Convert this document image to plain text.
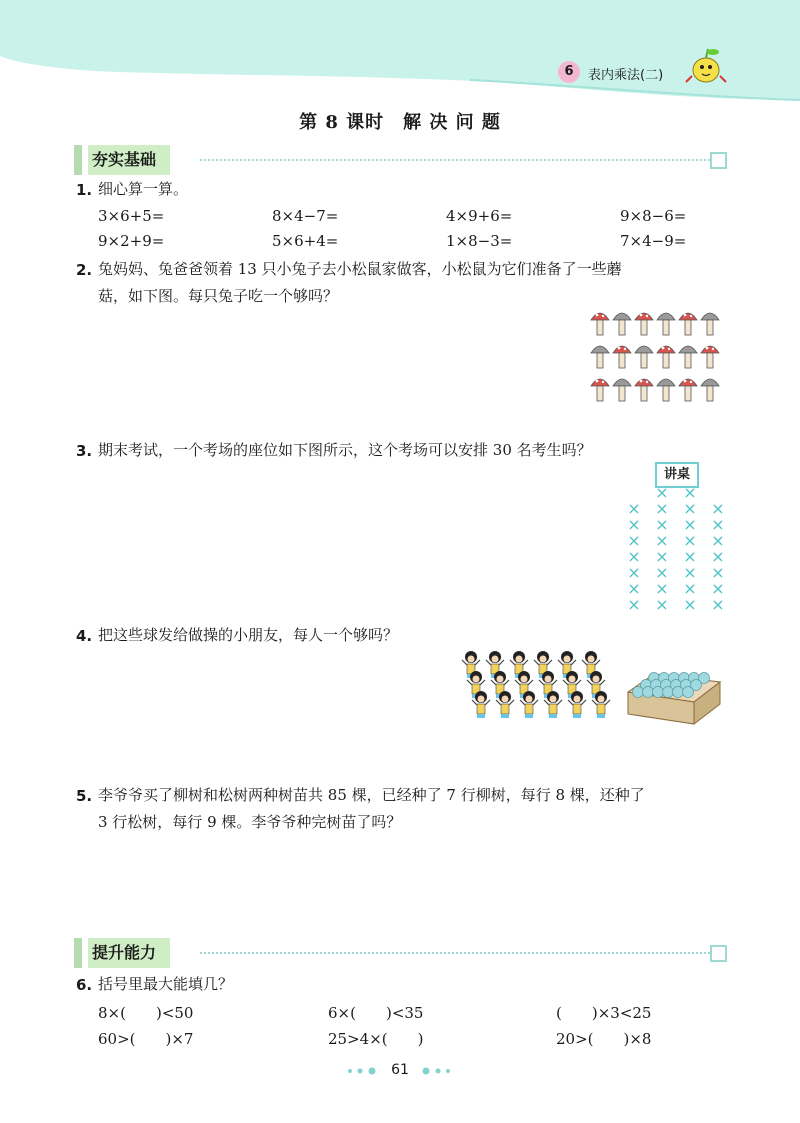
6	表内乘法(二)
第 8 课时　解 决 问 题
夯实基础
1. 细心算一算。
3×6+5=	8×4−7=	4×9+6=	9×8−6=
9×2+9=	5×6+4=	1×8−3=	7×4−9=
2. 兔妈妈、兔爸爸领着 13 只小兔子去小松鼠家做客，小松鼠为它们准备了一些蘑
菇，如下图。每只兔子吃一个够吗？
3. 期末考试，一个考场的座位如下图所示，这个考场可以安排 30 名考生吗？
讲桌
× ×
× × × ×
× × × ×
× × × ×
× × × ×
× × × ×
× × × ×
× × × ×
4. 把这些球发给做操的小朋友，每人一个够吗？
5. 李爷爷买了柳树和松树两种树苗共 85 棵，已经种了 7 行柳树，每行 8 棵，还种了
3 行松树，每行 9 棵。李爷爷种完树苗了吗？
提升能力
6. 括号里最大能填几？
8×(　　)<50	6×(　　)<35	(　　)×3<25
60>(　　)×7	25>4×(　　)	20>(　　)×8
61
